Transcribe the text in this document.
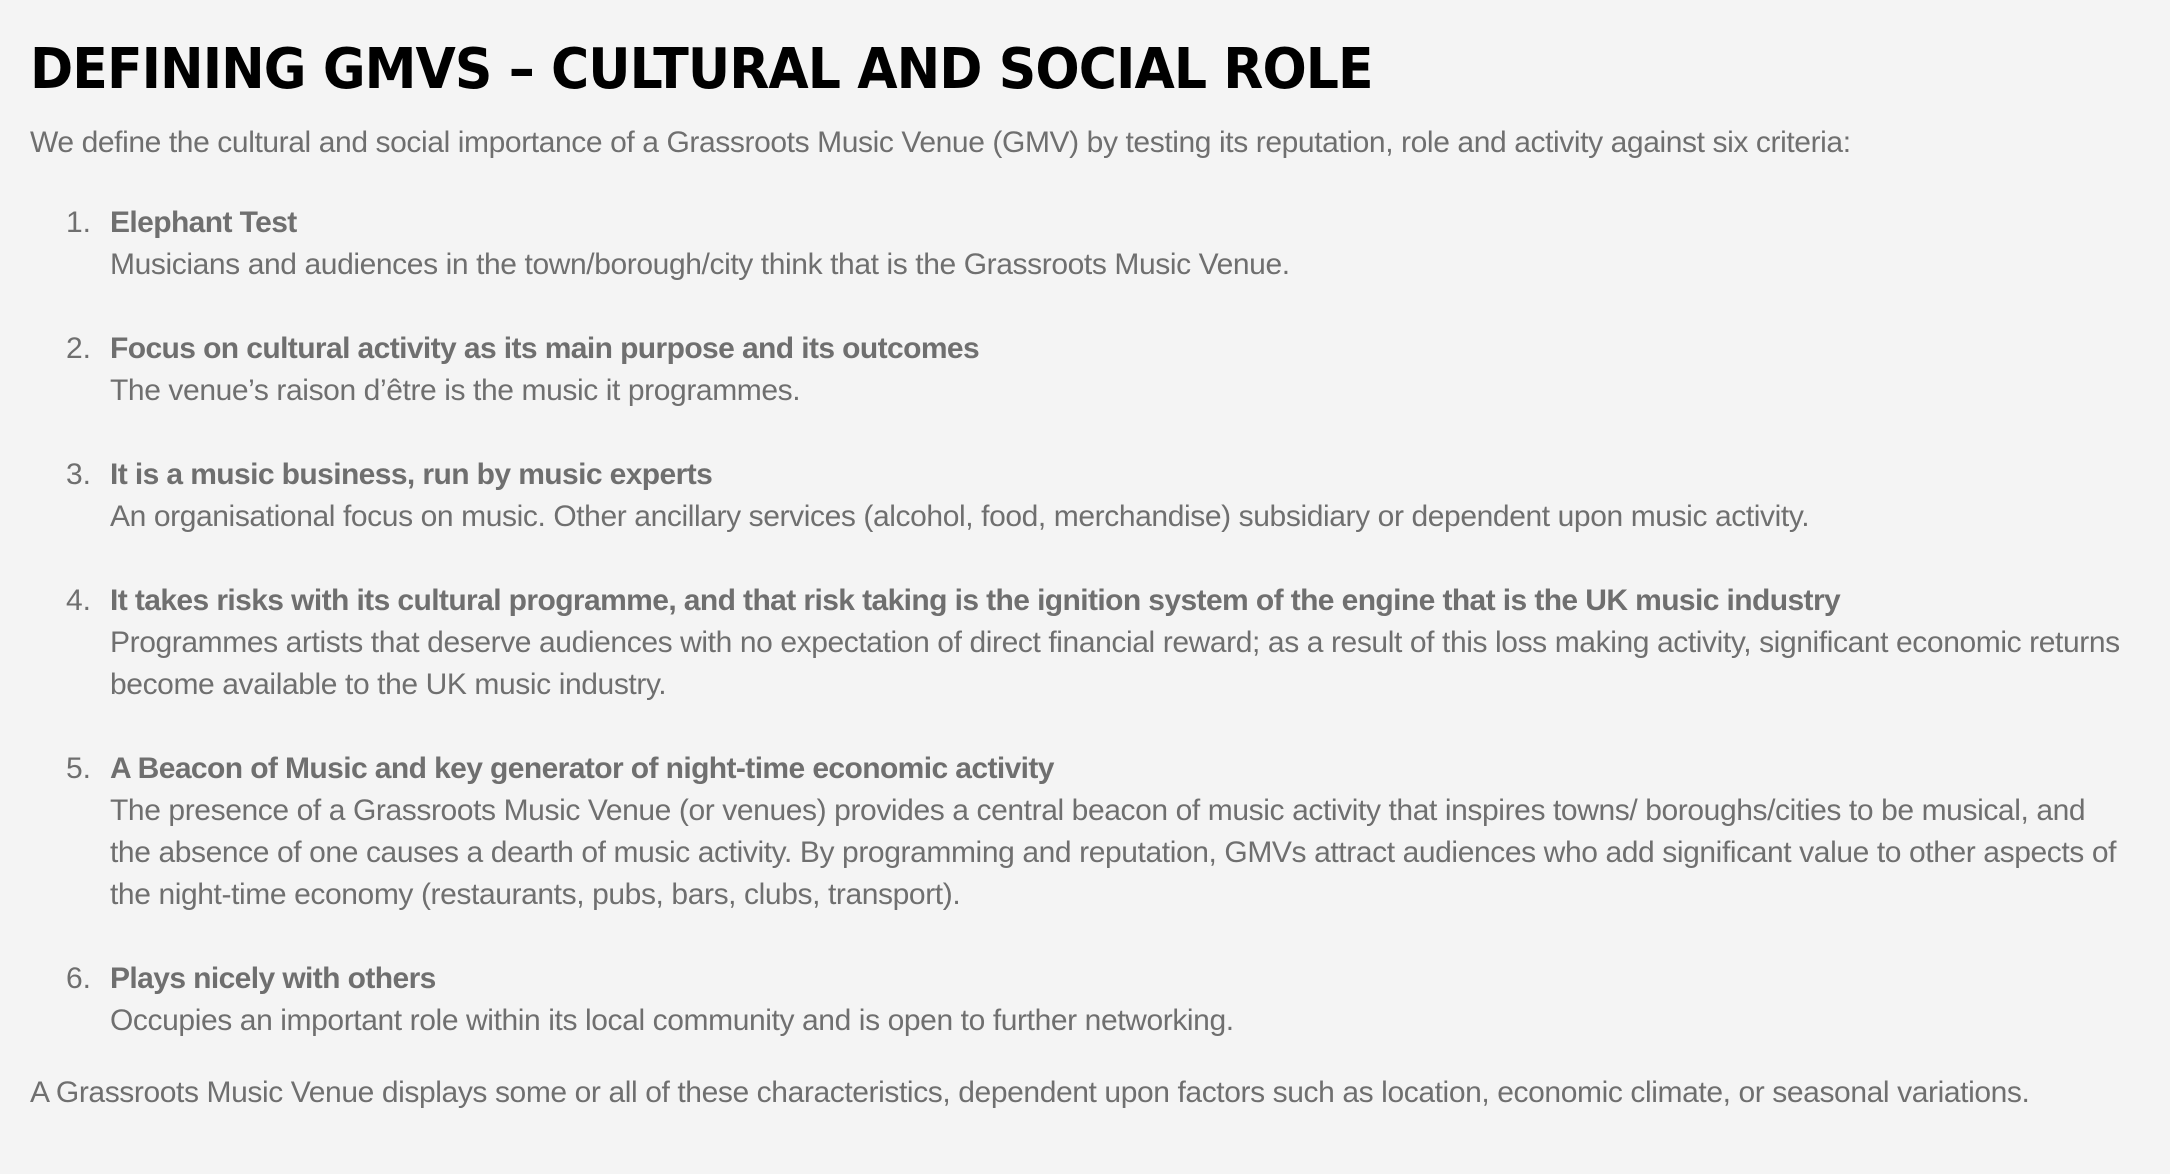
DEFINING GMVS – CULTURAL AND SOCIAL ROLE

We define the cultural and social importance of a Grassroots Music Venue (GMV) by testing its reputation, role and activity against six criteria:

1. Elephant Test
Musicians and audiences in the town/borough/city think that is the Grassroots Music Venue.
2. Focus on cultural activity as its main purpose and its outcomes
The venue’s raison d’être is the music it programmes.
3. It is a music business, run by music experts
An organisational focus on music. Other ancillary services (alcohol, food, merchandise) subsidiary or dependent upon music activity.
4. It takes risks with its cultural programme, and that risk taking is the ignition system of the engine that is the UK music industry
Programmes artists that deserve audiences with no expectation of direct financial reward; as a result of this loss making activity, significant economic returns become available to the UK music industry.
5. A Beacon of Music and key generator of night-time economic activity
The presence of a Grassroots Music Venue (or venues) provides a central beacon of music activity that inspires towns/ boroughs/cities to be musical, and the absence of one causes a dearth of music activity. By programming and reputation, GMVs attract audiences who add significant value to other aspects of the night-time economy (restaurants, pubs, bars, clubs, transport).
6. Plays nicely with others
Occupies an important role within its local community and is open to further networking.

A Grassroots Music Venue displays some or all of these characteristics, dependent upon factors such as location, economic climate, or seasonal variations.
